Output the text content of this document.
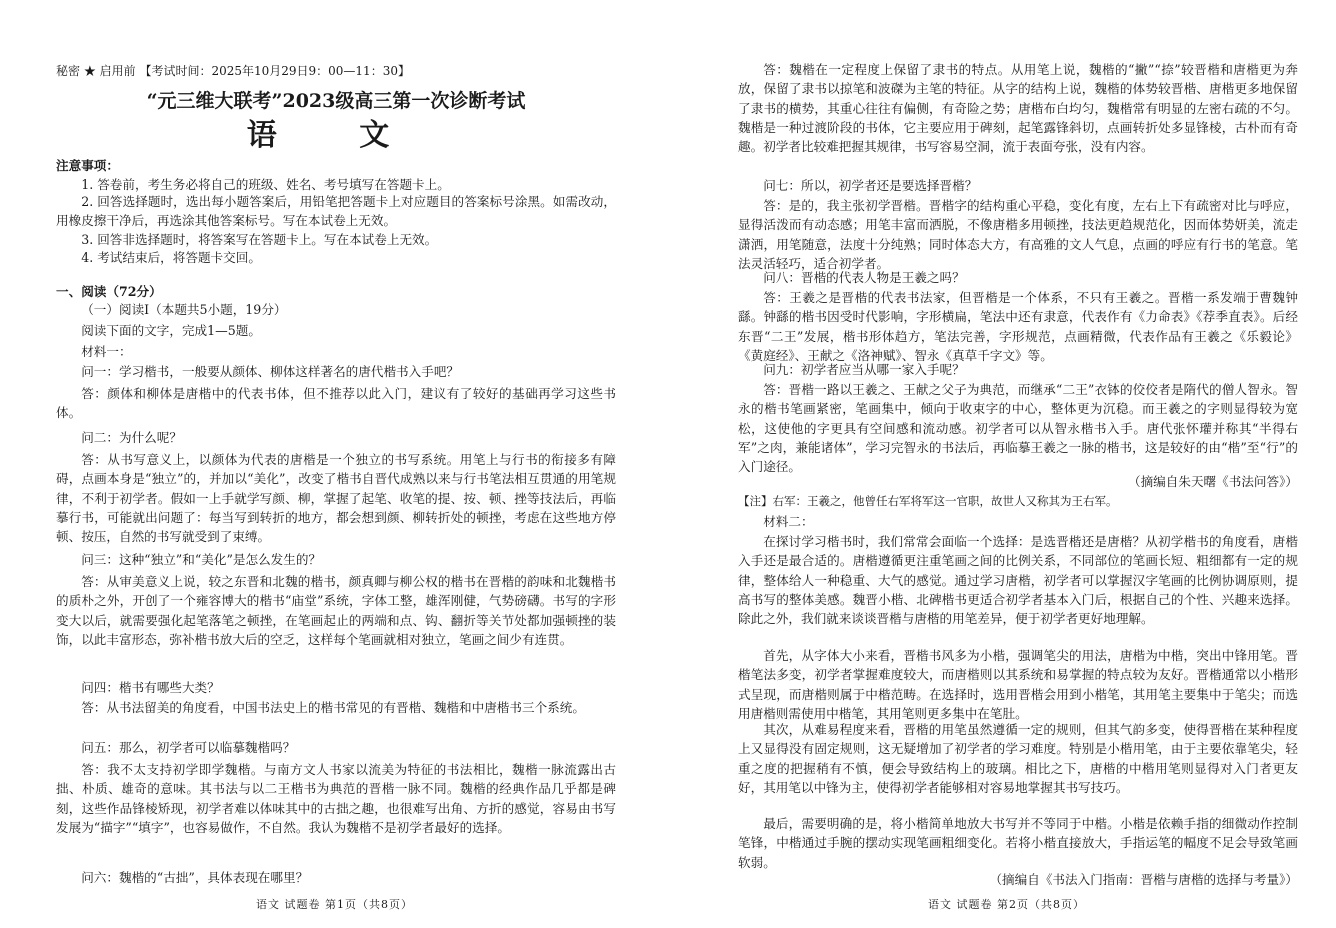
秘密 ★ 启用前 【考试时间：2025年10月29日9：00—11：30】

“元三维大联考”2023级高三第一次诊断考试

语 文

注意事项：

1. 答卷前，考生务必将自己的班级、姓名、考号填写在答题卡上。

2. 回答选择题时，选出每小题答案后，用铅笔把答题卡上对应题目的答案标号涂黑。如需改动，用橡皮擦干净后，再选涂其他答案标号。写在本试卷上无效。

3. 回答非选择题时，将答案写在答题卡上。写在本试卷上无效。

4. 考试结束后，将答题卡交回。

一、阅读（72分）

（一）阅读Ⅰ（本题共5小题，19分）

阅读下面的文字，完成1—5题。

材料一：

问一：学习楷书，一般要从颜体、柳体这样著名的唐代楷书入手吧？

答：颜体和柳体是唐楷中的代表书体，但不推荐以此入门，建议有了较好的基础再学习这些书体。

问二：为什么呢？

答：从书写意义上，以颜体为代表的唐楷是一个独立的书写系统。用笔上与行书的衔接多有障碍，点画本身是“独立”的，并加以“美化”，改变了楷书自晋代成熟以来与行书笔法相互贯通的用笔规律，不利于初学者。假如一上手就学写颜、柳，掌握了起笔、收笔的提、按、顿、挫等技法后，再临摹行书，可能就出问题了：每当写到转折的地方，都会想到颜、柳转折处的顿挫，考虑在这些地方停顿、按压，自然的书写就受到了束缚。

问三：这种“独立”和“美化”是怎么发生的？

答：从审美意义上说，较之东晋和北魏的楷书，颜真卿与柳公权的楷书在晋楷的韵味和北魏楷书的质朴之外，开创了一个雍容博大的楷书“庙堂”系统，字体工整，雄浑刚健，气势磅礴。书写的字形变大以后，就需要强化起笔落笔之顿挫，在笔画起止的两端和点、钩、翻折等关节处都加强顿挫的装饰，以此丰富形态，弥补楷书放大后的空乏，这样每个笔画就相对独立，笔画之间少有连贯。

问四：楷书有哪些大类？

答：从书法留美的角度看，中国书法史上的楷书常见的有晋楷、魏楷和中唐楷书三个系统。

问五：那么，初学者可以临摹魏楷吗？

答：我不太支持初学即学魏楷。与南方文人书家以流美为特征的书法相比，魏楷一脉流露出古拙、朴质、雄奇的意味。其书法与以二王楷书为典范的晋楷一脉不同。魏楷的经典作品几乎都是碑刻，这些作品锋棱矫现，初学者难以体味其中的古拙之趣，也很难写出角、方折的感觉，容易由书写发展为“描字”“填字”，也容易做作，不自然。我认为魏楷不是初学者最好的选择。

问六：魏楷的“古拙”，具体表现在哪里？

语文 试题卷 第1页（共8页）

答：魏楷在一定程度上保留了隶书的特点。从用笔上说，魏楷的“撇”“捺”较晋楷和唐楷更为奔放，保留了隶书以掠笔和波磔为主笔的特征。从字的结构上说，魏楷的体势较晋楷、唐楷更多地保留了隶书的横势，其重心往往有偏侧，有奇险之势；唐楷布白均匀，魏楷常有明显的左密右疏的不匀。魏楷是一种过渡阶段的书体，它主要应用于碑刻，起笔露锋斜切，点画转折处多显锋棱，古朴而有奇趣。初学者比较难把握其规律，书写容易空洞，流于表面夸张，没有内容。

问七：所以，初学者还是要选择晋楷？

答：是的，我主张初学晋楷。晋楷字的结构重心平稳，变化有度，左右上下有疏密对比与呼应，显得活泼而有动态感；用笔丰富而洒脱，不像唐楷多用顿挫，技法更趋规范化，因而体势妍美，流走潇洒，用笔随意，法度十分纯熟；同时体态大方，有高雅的文人气息，点画的呼应有行书的笔意。笔法灵活轻巧，适合初学者。

问八：晋楷的代表人物是王羲之吗？

答：王羲之是晋楷的代表书法家，但晋楷是一个体系，不只有王羲之。晋楷一系发端于曹魏钟繇。钟繇的楷书因受时代影响，字形横扁，笔法中还有隶意，代表作有《力命表》《荐季直表》。后经东晋“二王”发展，楷书形体趋方，笔法完善，字形规范，点画精微，代表作品有王羲之《乐毅论》《黄庭经》、王献之《洛神赋》、智永《真草千字文》等。

问九：初学者应当从哪一家入手呢？

答：晋楷一路以王羲之、王献之父子为典范，而继承“二王”衣钵的佼佼者是隋代的僧人智永。智永的楷书笔画紧密，笔画集中，倾向于收束字的中心，整体更为沉稳。而王羲之的字则显得较为宽松，这使他的字更具有空间感和流动感。初学者可以从智永楷书入手。唐代张怀瓘并称其“半得右军”之肉，兼能诸体”，学习完智永的书法后，再临摹王羲之一脉的楷书，这是较好的由“楷”至“行”的入门途径。

（摘编自朱天曙《书法问答》）

【注】右军：王羲之，他曾任右军将军这一官职，故世人又称其为王右军。

材料二：

在探讨学习楷书时，我们常常会面临一个选择：是选晋楷还是唐楷？从初学楷书的角度看，唐楷入手还是最合适的。唐楷遵循更注重笔画之间的比例关系，不同部位的笔画长短、粗细都有一定的规律，整体给人一种稳重、大气的感觉。通过学习唐楷，初学者可以掌握汉字笔画的比例协调原则，提高书写的整体美感。魏晋小楷、北碑楷书更适合初学者基本入门后，根据自己的个性、兴趣来选择。除此之外，我们就来谈谈晋楷与唐楷的用笔差异，便于初学者更好地理解。

首先，从字体大小来看，晋楷书风多为小楷，强调笔尖的用法，唐楷为中楷，突出中锋用笔。晋楷笔法多变，初学者掌握难度较大，而唐楷则以其系统和易掌握的特点较为友好。晋楷通常以小楷形式呈现，而唐楷则属于中楷范畴。在选择时，选用晋楷会用到小楷笔，其用笔主要集中于笔尖；而选用唐楷则需使用中楷笔，其用笔则更多集中在笔肚。

其次，从难易程度来看，晋楷的用笔虽然遵循一定的规则，但其气韵多变，使得晋楷在某种程度上又显得没有固定规则，这无疑增加了初学者的学习难度。特别是小楷用笔，由于主要依靠笔尖，轻重之度的把握稍有不慎，便会导致结构上的玻璃。相比之下，唐楷的中楷用笔则显得对入门者更友好，其用笔以中锋为主，使得初学者能够相对容易地掌握其书写技巧。

最后，需要明确的是，将小楷简单地放大书写并不等同于中楷。小楷是依赖手指的细微动作控制笔锋，中楷通过手腕的摆动实现笔画粗细变化。若将小楷直接放大，手指运笔的幅度不足会导致笔画软弱。

（摘编自《书法入门指南：晋楷与唐楷的选择与考量》）

语文 试题卷 第2页（共8页）
